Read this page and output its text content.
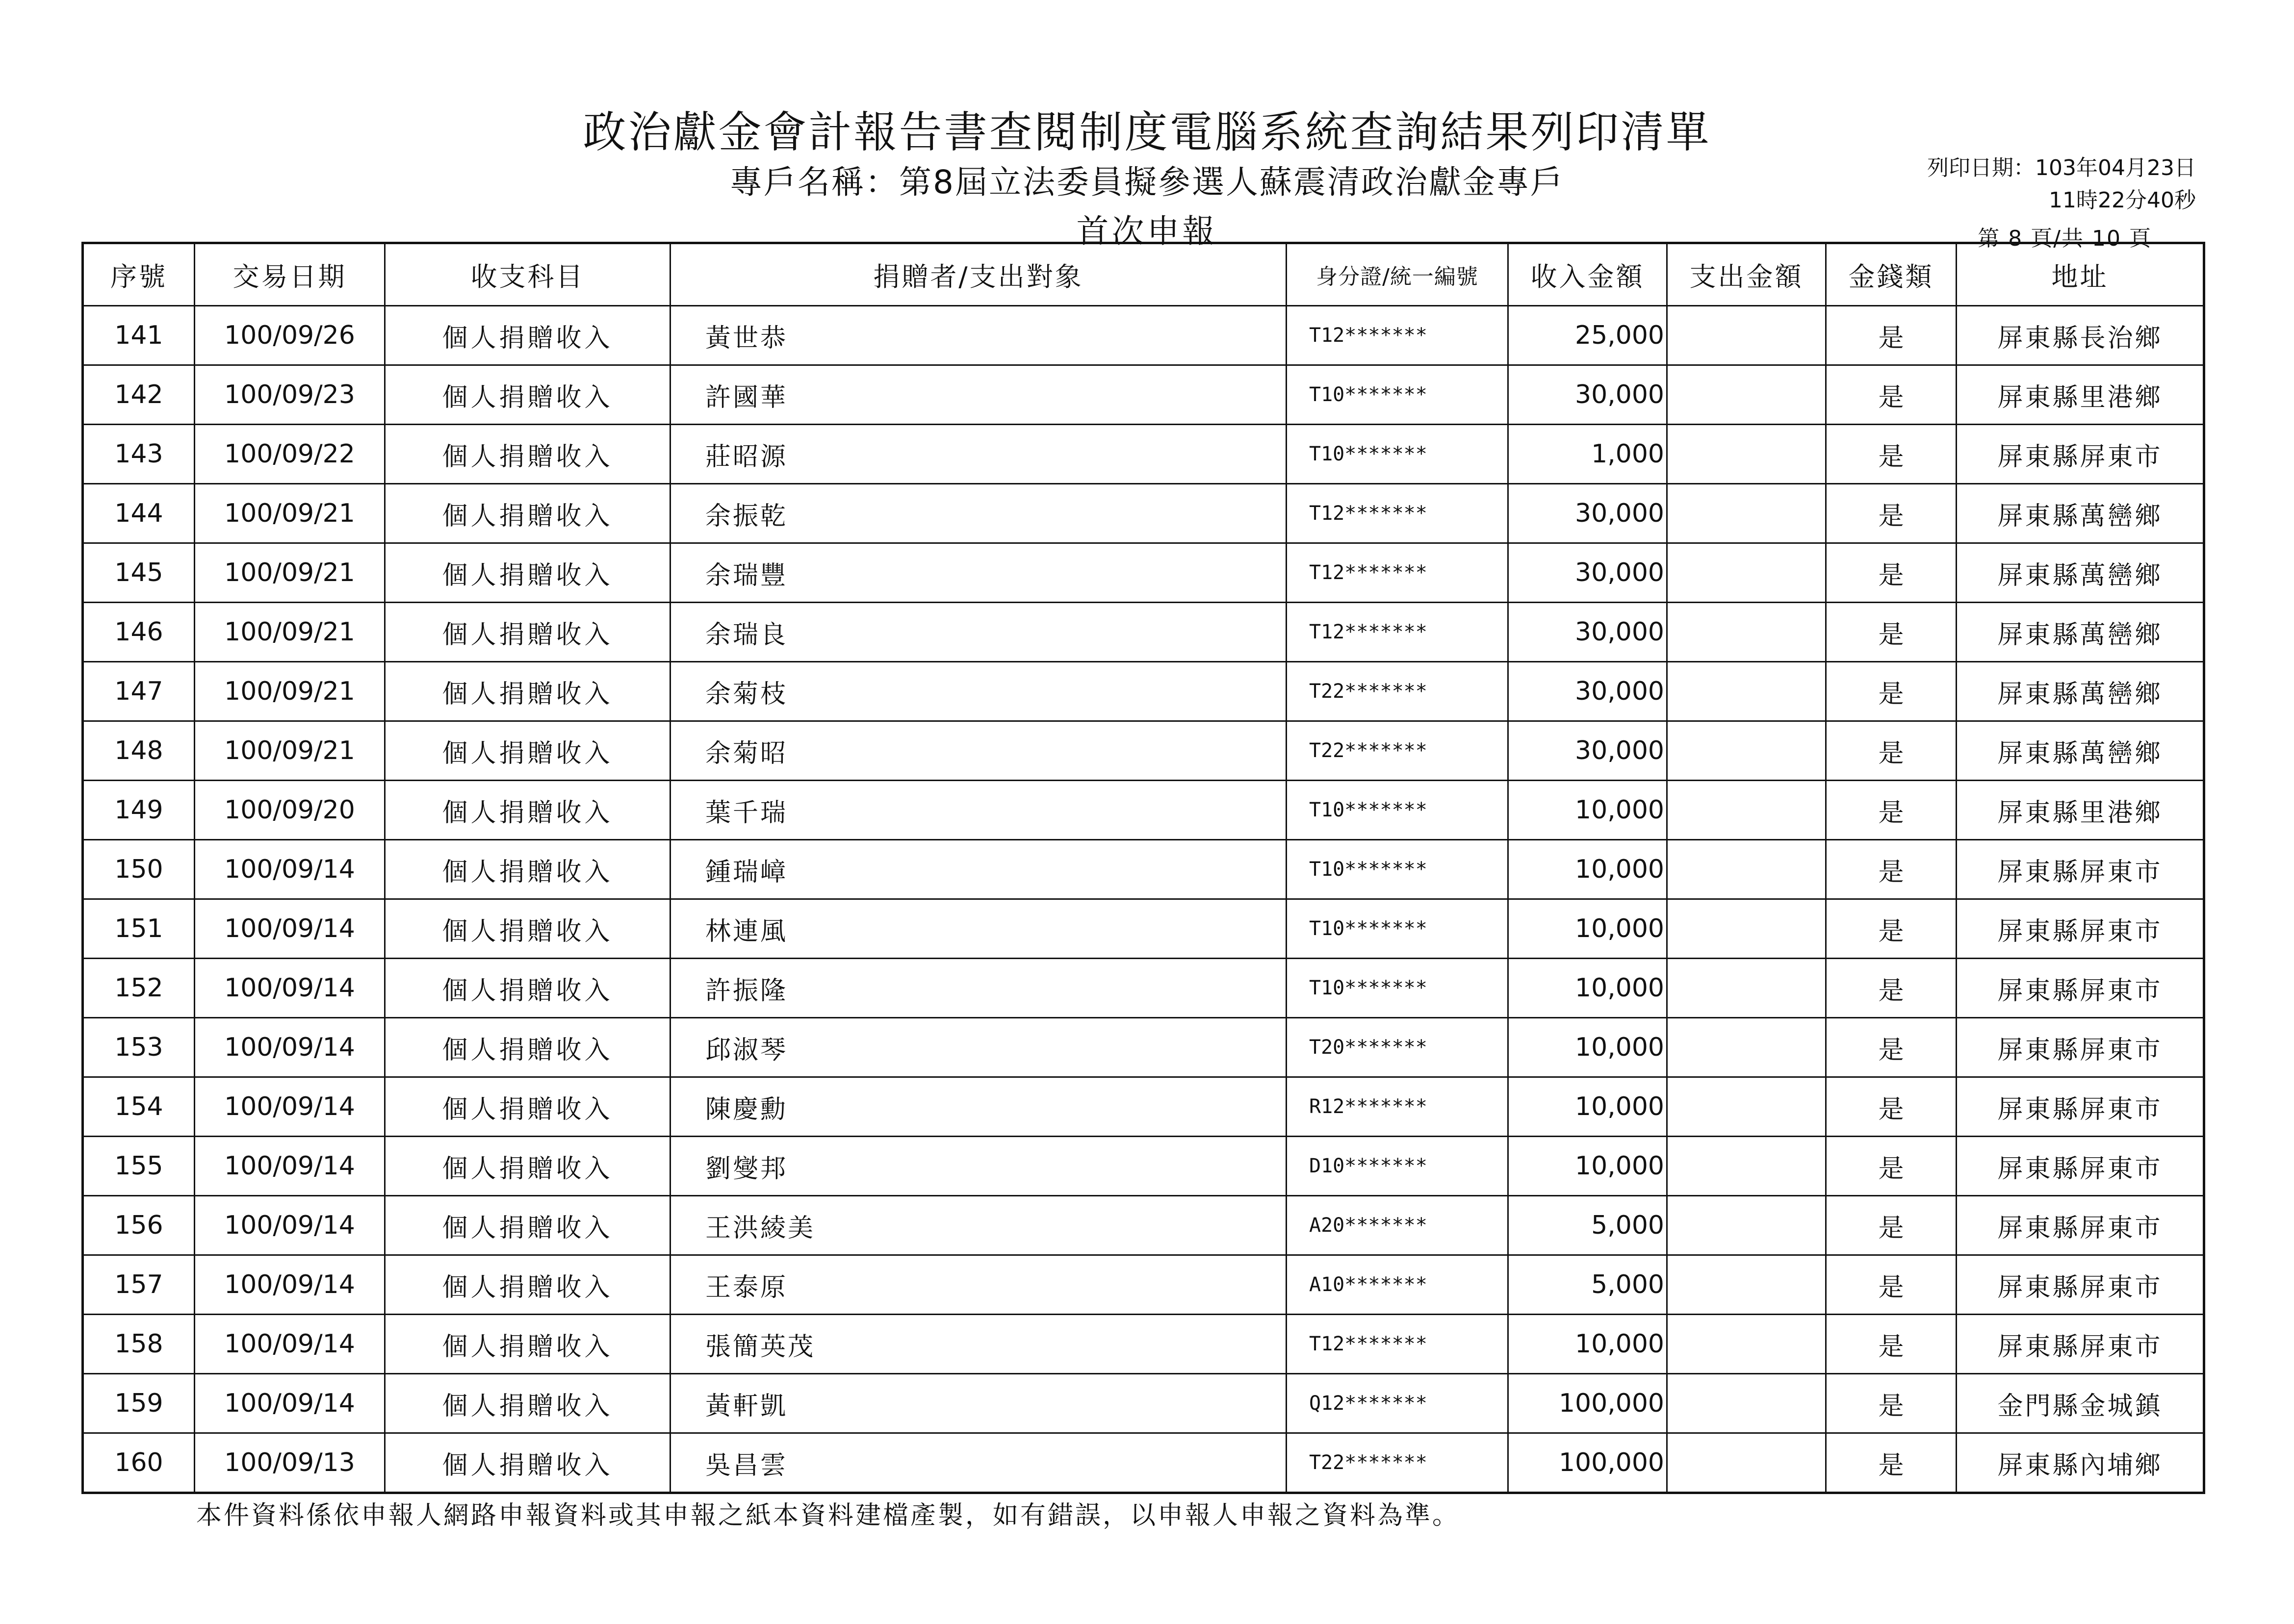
政治獻金會計報告書查閱制度電腦系統查詢結果列印清單
專戶名稱：第8屆立法委員擬參選人蘇震清政治獻金專戶
首次申報
列印日期：103年04月23日
11時22分40秒
第 8 頁/共 10 頁
序號	交易日期	收支科目	捐贈者/支出對象	身分證/統一編號	收入金額	支出金額	金錢類	地址
141	100/09/26	個人捐贈收入	黃世恭	T12*******	25,000		是	屏東縣長治鄉
142	100/09/23	個人捐贈收入	許國華	T10*******	30,000		是	屏東縣里港鄉
143	100/09/22	個人捐贈收入	莊昭源	T10*******	1,000		是	屏東縣屏東市
144	100/09/21	個人捐贈收入	余振乾	T12*******	30,000		是	屏東縣萬巒鄉
145	100/09/21	個人捐贈收入	余瑞豐	T12*******	30,000		是	屏東縣萬巒鄉
146	100/09/21	個人捐贈收入	余瑞良	T12*******	30,000		是	屏東縣萬巒鄉
147	100/09/21	個人捐贈收入	余菊枝	T22*******	30,000		是	屏東縣萬巒鄉
148	100/09/21	個人捐贈收入	余菊昭	T22*******	30,000		是	屏東縣萬巒鄉
149	100/09/20	個人捐贈收入	葉千瑞	T10*******	10,000		是	屏東縣里港鄉
150	100/09/14	個人捐贈收入	鍾瑞嶂	T10*******	10,000		是	屏東縣屏東市
151	100/09/14	個人捐贈收入	林連風	T10*******	10,000		是	屏東縣屏東市
152	100/09/14	個人捐贈收入	許振隆	T10*******	10,000		是	屏東縣屏東市
153	100/09/14	個人捐贈收入	邱淑琴	T20*******	10,000		是	屏東縣屏東市
154	100/09/14	個人捐贈收入	陳慶勳	R12*******	10,000		是	屏東縣屏東市
155	100/09/14	個人捐贈收入	劉燮邦	D10*******	10,000		是	屏東縣屏東市
156	100/09/14	個人捐贈收入	王洪綾美	A20*******	5,000		是	屏東縣屏東市
157	100/09/14	個人捐贈收入	王泰原	A10*******	5,000		是	屏東縣屏東市
158	100/09/14	個人捐贈收入	張簡英茂	T12*******	10,000		是	屏東縣屏東市
159	100/09/14	個人捐贈收入	黃軒凱	Q12*******	100,000		是	金門縣金城鎮
160	100/09/13	個人捐贈收入	吳昌雲	T22*******	100,000		是	屏東縣內埔鄉
本件資料係依申報人網路申報資料或其申報之紙本資料建檔產製，如有錯誤，以申報人申報之資料為準。
